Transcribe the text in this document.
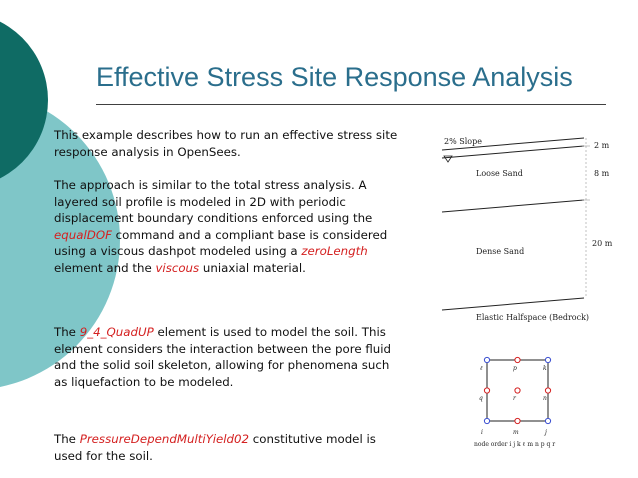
Effective Stress Site Response Analysis
This example describes how to run an effective stress site response analysis in OpenSees.
The approach is similar to the total stress analysis. A layered soil profile is modeled in 2D with periodic displacement boundary conditions enforced using the equalDOF command and a compliant base is considered using a viscous dashpot modeled using a zeroLength element and the viscous uniaxial material.
The 9_4_QuadUP element is used to model the soil. This element considers the interaction between the pore fluid and the solid soil skeleton, allowing for phenomena such as liquefaction to be modeled.
The PressureDependMultiYield02 constitutive model is used for the soil.
2% Slope
Loose Sand
Dense Sand
Elastic Halfspace (Bedrock)
2 m
8 m
20 m
ℓ	p	k
q	r	n
i	m	j
node order i j k ℓ m n p q r
